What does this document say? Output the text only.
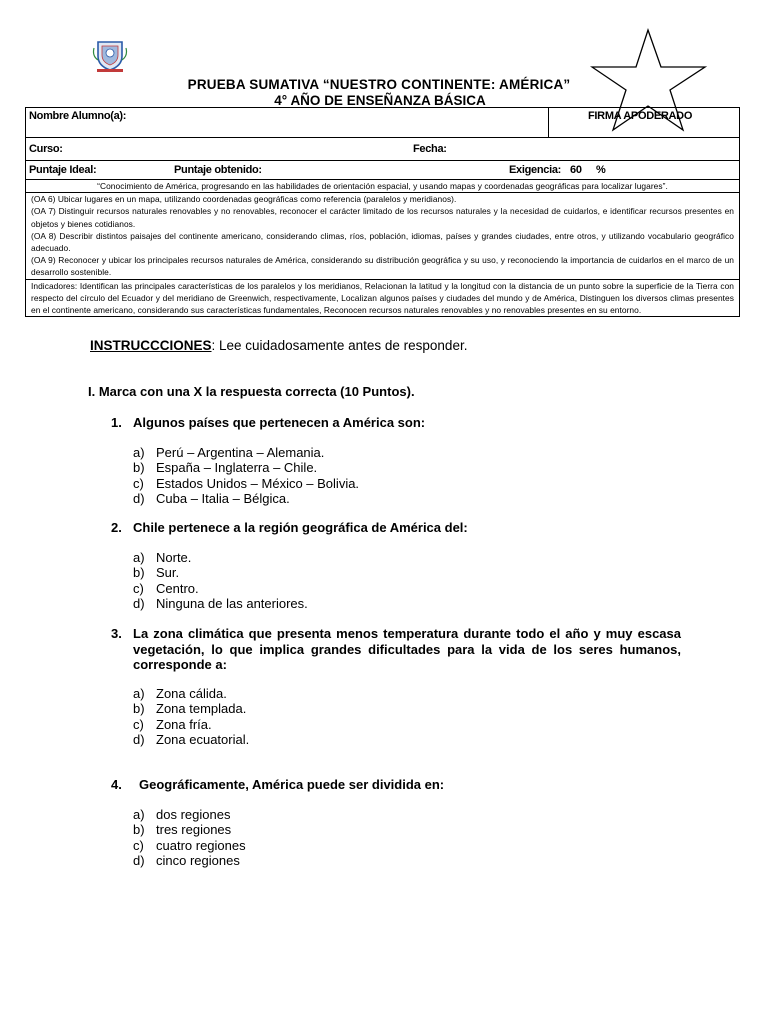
PRUEBA SUMATIVA “NUESTRO CONTINENTE: AMÉRICA”
4° AÑO DE ENSEÑANZA BÁSICA
Nombre Alumno(a):	FIRMA APODERADO
Curso:	Fecha:
Puntaje Ideal:	Puntaje obtenido:	Exigencia: 60 %
“Conocimiento de América, progresando en las habilidades de orientación espacial, y usando mapas y coordenadas geográficas para localizar lugares”.
(OA 6) Ubicar lugares en un mapa, utilizando coordenadas geográficas como referencia (paralelos y meridianos).
(OA 7) Distinguir recursos naturales renovables y no renovables, reconocer el carácter limitado de los recursos naturales y la necesidad de cuidarlos, e identificar recursos presentes en objetos y bienes cotidianos.
(OA 8) Describir distintos paisajes del continente americano, considerando climas, ríos, población, idiomas, países y grandes ciudades, entre otros, y utilizando vocabulario geográfico adecuado.
(OA 9) Reconocer y ubicar los principales recursos naturales de América, considerando su distribución geográfica y su uso, y reconociendo la importancia de cuidarlos en el marco de un desarrollo sostenible.
Indicadores: Identifican las principales características de los paralelos y los meridianos, Relacionan la latitud y la longitud con la distancia de un punto sobre la superficie de la Tierra con respecto del círculo del Ecuador y del meridiano de Greenwich, respectivamente, Localizan algunos países y ciudades del mundo y de América, Distinguen los diversos climas presentes en el continente americano, considerando sus características fundamentales, Reconocen recursos naturales renovables y no renovables presentes en su entorno.
INSTRUCCCIONES: Lee cuidadosamente antes de responder.
I. Marca con una X la respuesta correcta (10 Puntos).
1. Algunos países que pertenecen a América son:
a) Perú – Argentina – Alemania.
b) España – Inglaterra – Chile.
c) Estados Unidos – México – Bolivia.
d) Cuba – Italia – Bélgica.
2. Chile pertenece a la región geográfica de América del:
a) Norte.
b) Sur.
c) Centro.
d) Ninguna de las anteriores.
3. La zona climática que presenta menos temperatura durante todo el año y muy escasa vegetación, lo que implica grandes dificultades para la vida de los seres humanos, corresponde a:
a) Zona cálida.
b) Zona templada.
c) Zona fría.
d) Zona ecuatorial.
4. Geográficamente, América puede ser dividida en:
a) dos regiones
b) tres regiones
c) cuatro regiones
d) cinco regiones
